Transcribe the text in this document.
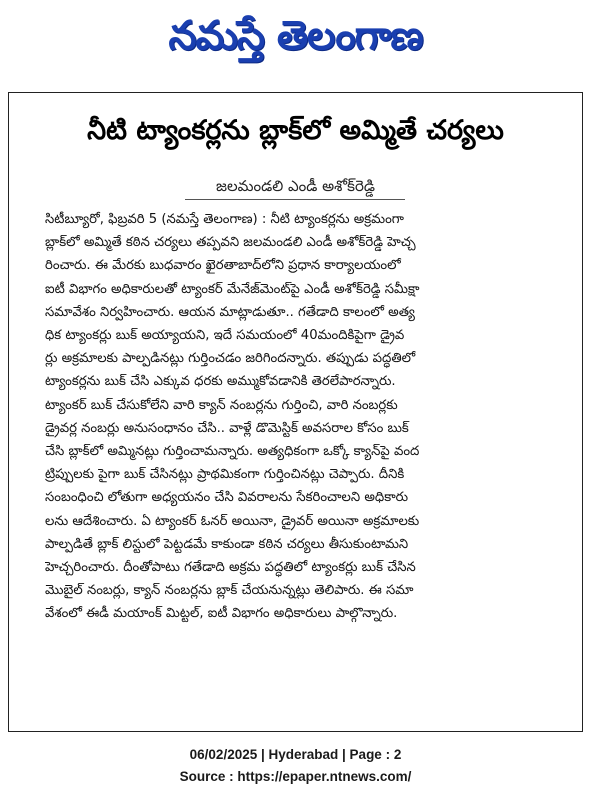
నమస్తే తెలంగాణ
నీటి ట్యాంకర్లను బ్లాక్‌లో అమ్మితే చర్యలు
జలమండలి ఎండీ అశోక్‌రెడ్డి
సిటీబ్యూరో, ఫిబ్రవరి 5 (నమస్తే తెలంగాణ) : నీటి ట్యాంకర్లను అక్రమంగా
బ్లాక్‌లో అమ్మితే కఠిన చర్యలు తప్పవని జలమండలి ఎండీ అశోక్‌రెడ్డి హెచ్చ
రించారు. ఈ మేరకు బుధవారం ఖైరతాబాద్‌లోని ప్రధాన కార్యాలయంలో
ఐటీ విభాగం అధికారులతో ట్యాంకర్ మేనేజ్‌మెంట్‌పై ఎండీ అశోక్‌రెడ్డి సమీక్షా
సమావేశం నిర్వహించారు. ఆయన మాట్లాడుతూ.. గతేడాది కాలంలో అత్య
ధిక ట్యాంకర్లు బుక్ అయ్యాయని, ఇదే సమయంలో 40మందికిపైగా డ్రైవ
ర్లు అక్రమాలకు పాల్పడినట్లు గుర్తించడం జరిగిందన్నారు. తప్పుడు పద్ధతిలో
ట్యాంకర్లను బుక్ చేసి ఎక్కువ ధరకు అమ్ముకోవడానికి తెరలేపారన్నారు.
ట్యాంకర్ బుక్ చేసుకోలేని వారి క్యాన్ నంబర్లను గుర్తించి, వారి నంబర్లకు
డ్రైవర్ల నంబర్లు అనుసంధానం చేసి.. వాళ్లే డొమెస్టిక్ అవసరాల కోసం బుక్
చేసి బ్లాక్‌లో అమ్మినట్లు గుర్తించామన్నారు. అత్యధికంగా ఒక్కో క్యాన్‌పై వంద
ట్రిప్పులకు పైగా బుక్ చేసినట్లు ప్రాథమికంగా గుర్తించినట్లు చెప్పారు. దీనికి
సంబంధించి లోతుగా అధ్యయనం చేసి వివరాలను సేకరించాలని అధికారు
లను ఆదేశించారు. ఏ ట్యాంకర్ ఓనర్ అయినా, డ్రైవర్ అయినా అక్రమాలకు
పాల్పడితే బ్లాక్ లిస్టులో పెట్టడమే కాకుండా కఠిన చర్యలు తీసుకుంటామని
హెచ్చరించారు. దీంతోపాటు గతేడాది అక్రమ పద్ధతిలో ట్యాంకర్లు బుక్ చేసిన
మొబైల్ నంబర్లు, క్యాన్ నంబర్లను బ్లాక్ చేయనున్నట్లు తెలిపారు. ఈ సమా
వేశంలో ఈడీ మయాంక్ మిట్టల్, ఐటీ విభాగం అధికారులు పాల్గొన్నారు.
06/02/2025 | Hyderabad | Page : 2
Source : https://epaper.ntnews.com/
